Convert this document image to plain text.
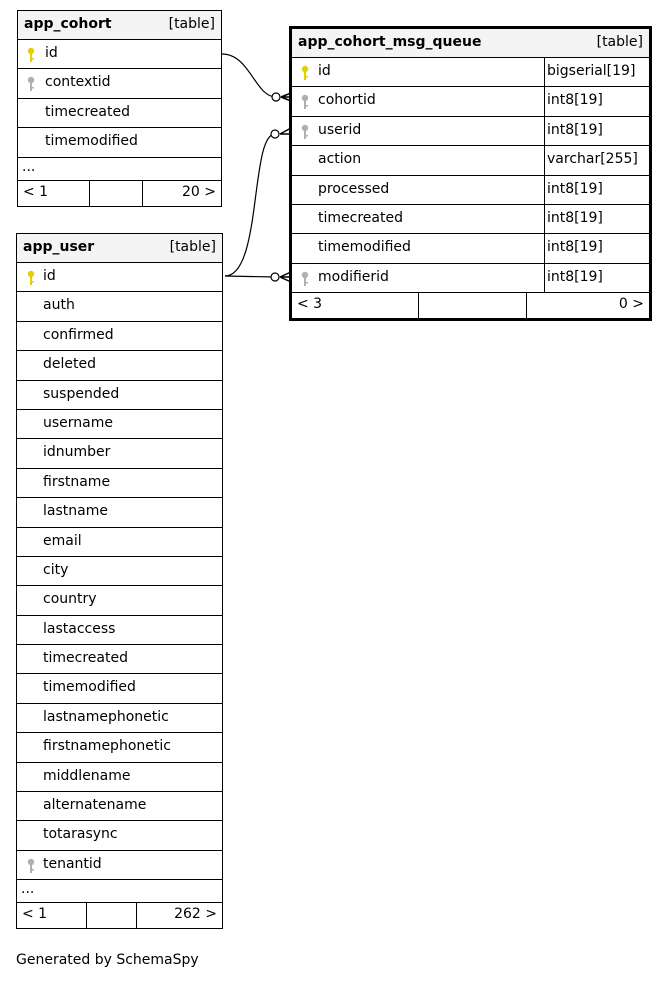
app_cohort	[table]
id
contextid
timecreated
timemodified
...
< 1	20 >
app_cohort_msg_queue	[table]
id	bigserial[19]
cohortid	int8[19]
userid	int8[19]
action	varchar[255]
processed	int8[19]
timecreated	int8[19]
timemodified	int8[19]
modifierid	int8[19]
< 3	0 >
app_user	[table]
id
auth
confirmed
deleted
suspended
username
idnumber
firstname
lastname
email
city
country
lastaccess
timecreated
timemodified
lastnamephonetic
firstnamephonetic
middlename
alternatename
totarasync
tenantid
...
< 1	262 >
Generated by SchemaSpy
